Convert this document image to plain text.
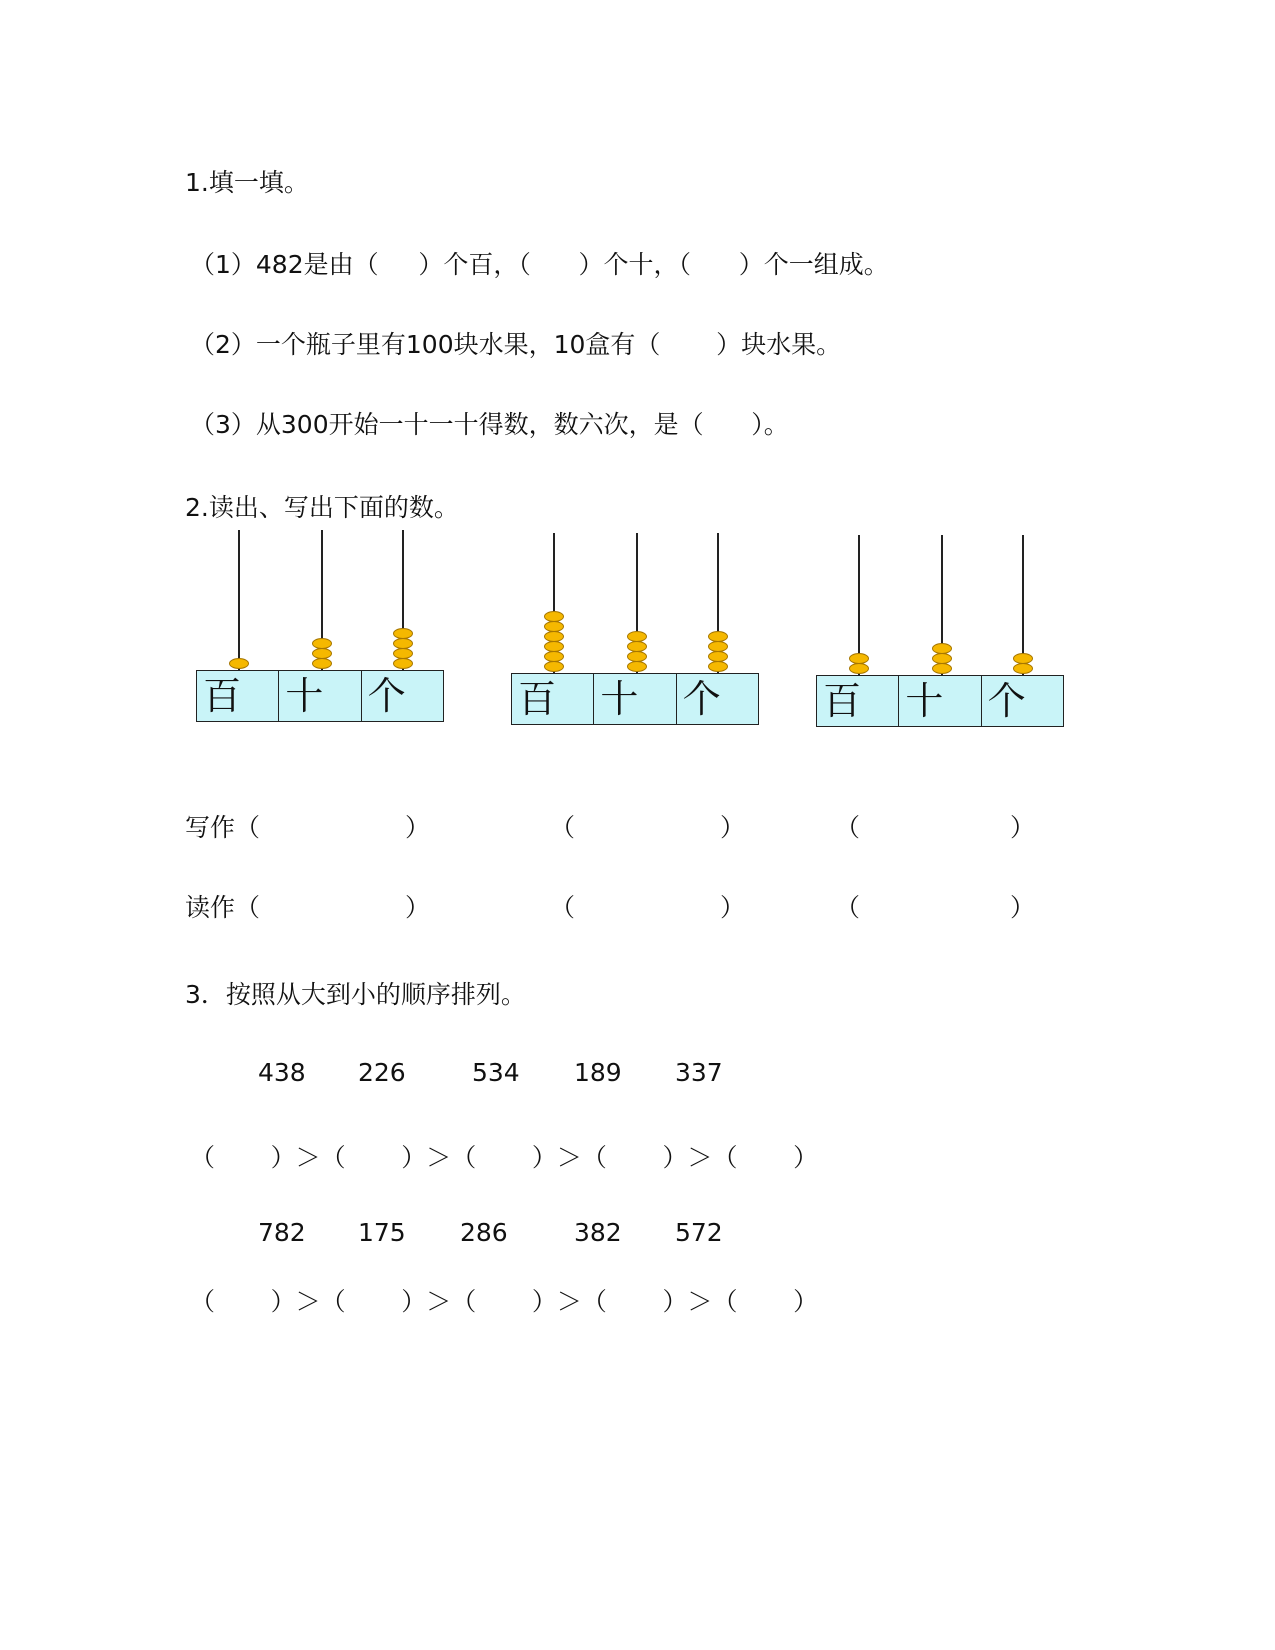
1.填一填。
（1）482是由（     ）个百，（      ）个十，（      ）个一组成。
（2）一个瓶子里有100块水果，10盒有（       ）块水果。
（3）从300开始一十一十得数，数六次，是（      ）。
2.读出、写出下面的数。
百	十	个	百	十	个	百	十	个
写作（	）	（	）	（	）
读作（	）	（	）	（	）
3．按照从大到小的顺序排列。
438 226	534 189 337
（       ）＞（       ）＞（       ）＞（       ）＞（       ）
782 175 286	382 572
（       ）＞（       ）＞（       ）＞（       ）＞（       ）
